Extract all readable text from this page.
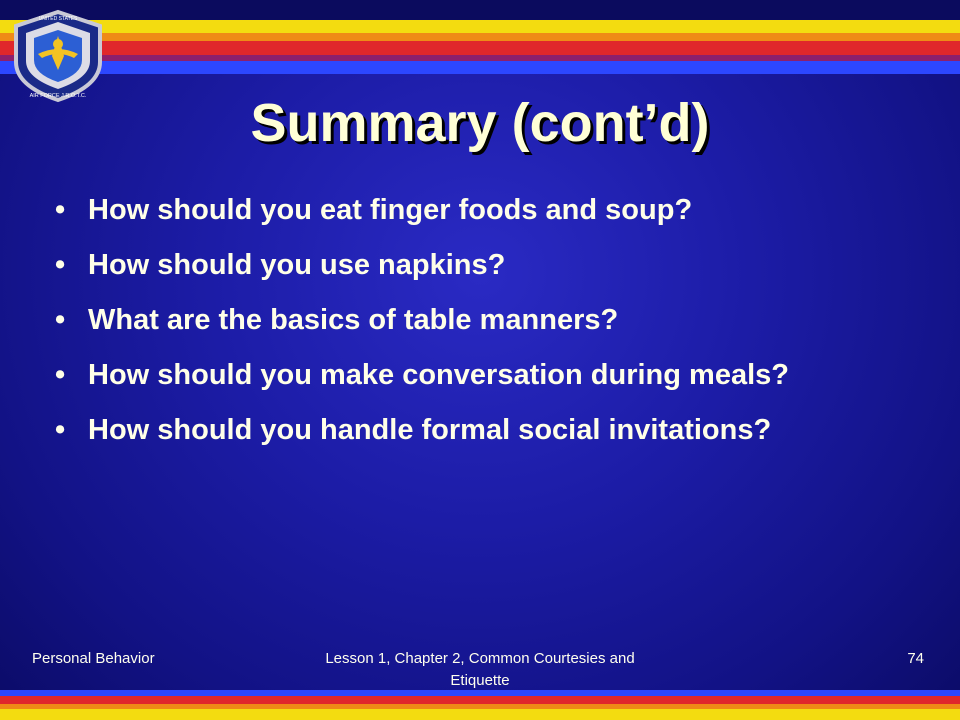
UNITED STATES
AIR FORCE J.R.O.T.C.	Summary (cont’d)
• How should you eat finger foods and soup?
• How should you use napkins?
• What are the basics of table manners?
• How should you make conversation during meals?
• How should you handle formal social invitations?
Personal Behavior	Lesson 1, Chapter 2, Common Courtesies and Etiquette
74
